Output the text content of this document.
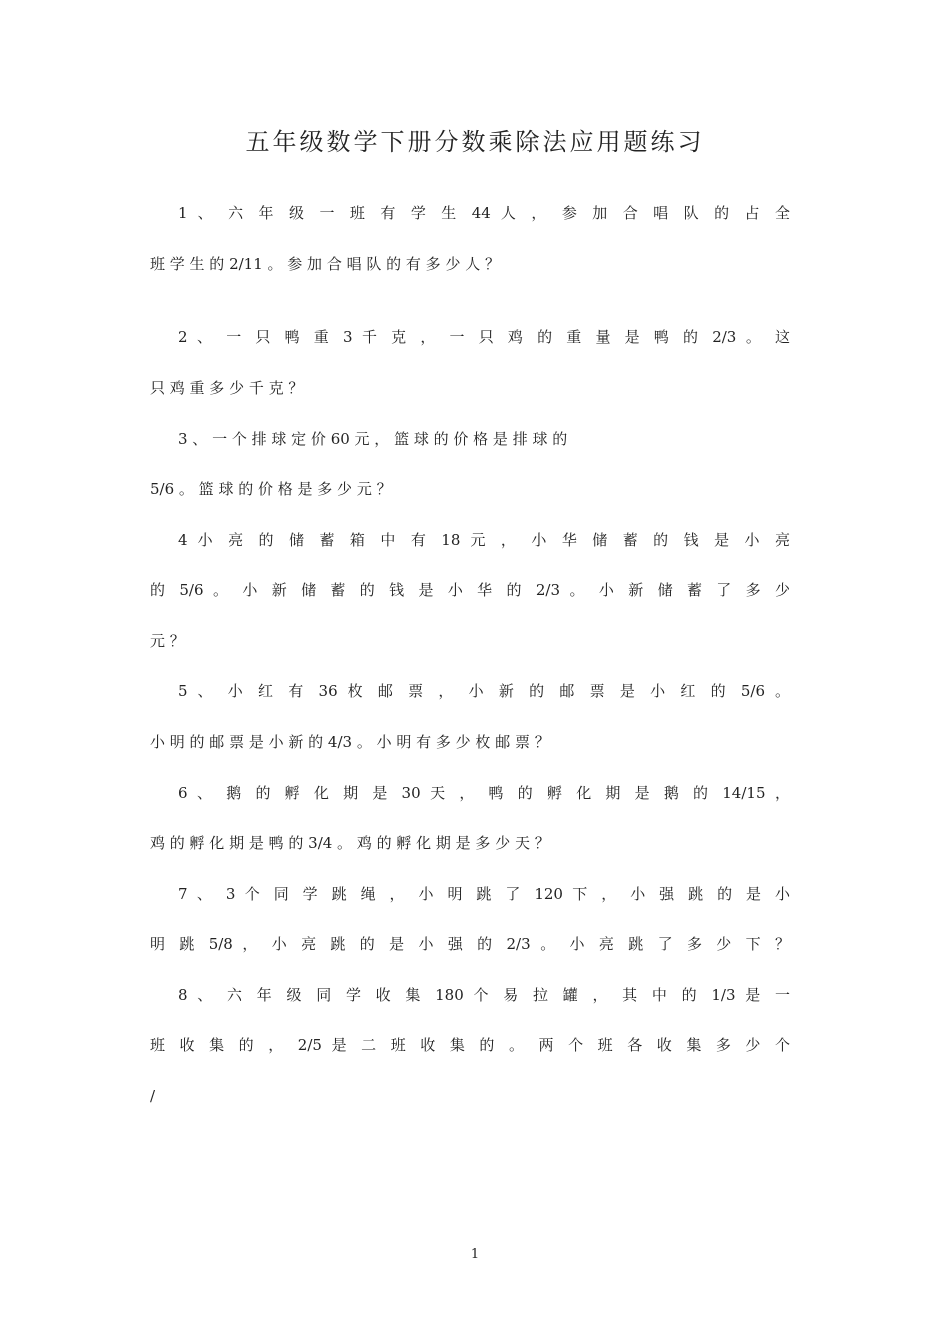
五年级数学下册分数乘除法应用题练习
1 、 六 年 级 一 班 有 学 生 44 人 ， 参 加 合 唱 队 的 占 全
班 学 生 的 2/11 。 参 加 合 唱 队 的 有 多 少 人 ？
2 、 一 只 鸭 重 3 千 克 ， 一 只 鸡 的 重 量 是 鸭 的 2/3 。 这
只 鸡 重 多 少 千 克 ？
3 、 一 个 排 球 定 价 60 元 ， 篮 球 的 价 格 是 排 球 的
5/6 。 篮 球 的 价 格 是 多 少 元 ？
4 小 亮 的 储 蓄 箱 中 有 18 元 ， 小 华 储 蓄 的 钱 是 小 亮
的 5/6 。 小 新 储 蓄 的 钱 是 小 华 的 2/3 。 小 新 储 蓄 了 多 少
元 ？
5 、 小 红 有 36 枚 邮 票 ， 小 新 的 邮 票 是 小 红 的 5/6 。
小 明 的 邮 票 是 小 新 的 4/3 。 小 明 有 多 少 枚 邮 票 ？
6 、 鹅 的 孵 化 期 是 30 天 ， 鸭 的 孵 化 期 是 鹅 的 14/15 ，
鸡 的 孵 化 期 是 鸭 的 3/4 。 鸡 的 孵 化 期 是 多 少 天 ？
7 、 3 个 同 学 跳 绳 ， 小 明 跳 了 120 下 ， 小 强 跳 的 是 小
明 跳 5/8 ， 小 亮 跳 的 是 小 强 的 2/3 。 小 亮 跳 了 多 少 下 ？
8 、 六 年 级 同 学 收 集 180 个 易 拉 罐 ， 其 中 的 1/3 是 一
班 收 集 的 ， 2/5 是 二 班 收 集 的 。 两 个 班 各 收 集 多 少 个
/
1
